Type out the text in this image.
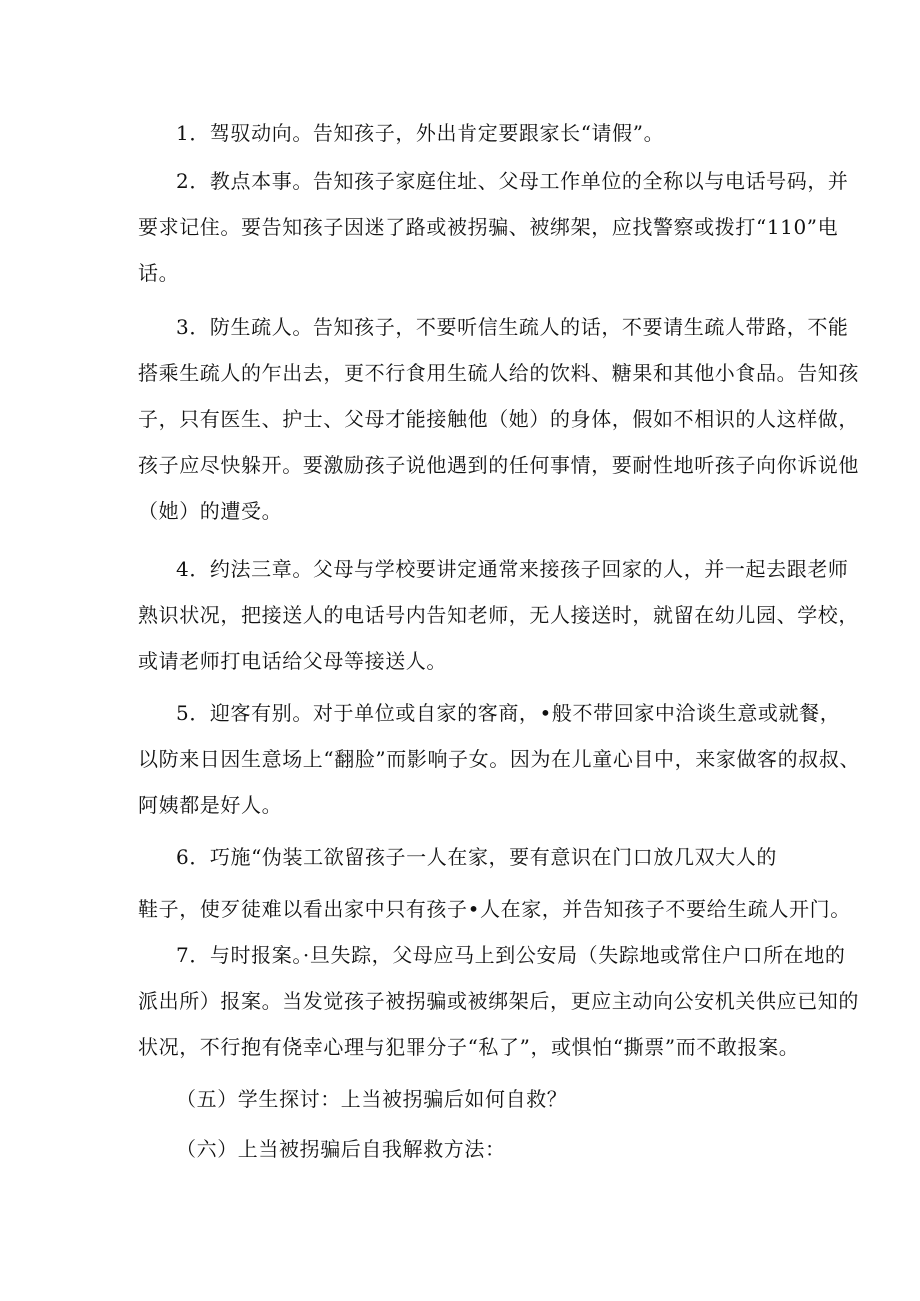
1．驾驭动向。告知孩子，外出肯定要跟家长“请假”。

2．教点本事。告知孩子家庭住址、父母工作单位的全称以与电话号码，并
要求记住。要告知孩子因迷了路或被拐骗、被绑架，应找警察或拨打“110”电
话。

3．防生疏人。告知孩子，不要听信生疏人的话，不要请生疏人带路，不能
搭乘生疏人的乍出去，更不行食用生硫人给的饮料、糖果和其他小食品。告知孩
子，只有医生、护士、父母才能接触他（她）的身体，假如不相识的人这样做，
孩子应尽快躲开。要激励孩子说他遇到的任何事情，要耐性地听孩子向你诉说他
（她）的遭受。

4．约法三章。父母与学校要讲定通常来接孩子回家的人，并一起去跟老师
熟识状况，把接送人的电话号内告知老师，无人接送时，就留在幼儿园、学校，
或请老师打电话给父母等接送人。

5．迎客有别。对于单位或自家的客商，•般不带回家中洽谈生意或就餐，
以防来日因生意场上“翻脸”而影响子女。因为在儿童心目中，来家做客的叔叔、
阿姨都是好人。

6．巧施“伪装工欲留孩子一人在家，要有意识在门口放几双大人的

鞋子，使歹徒难以看出家中只有孩子•人在家，并告知孩子不要给生疏人开门。

7．与时报案。·旦失踪，父母应马上到公安局（失踪地或常住户口所在地的
派出所）报案。当发觉孩子被拐骗或被绑架后，更应主动向公安机关供应已知的
状况，不行抱有侥幸心理与犯罪分子“私了”，或惧怕“撕票”而不敢报案。

（五）学生探讨：上当被拐骗后如何自救？

（六）上当被拐骗后自我解救方法：
